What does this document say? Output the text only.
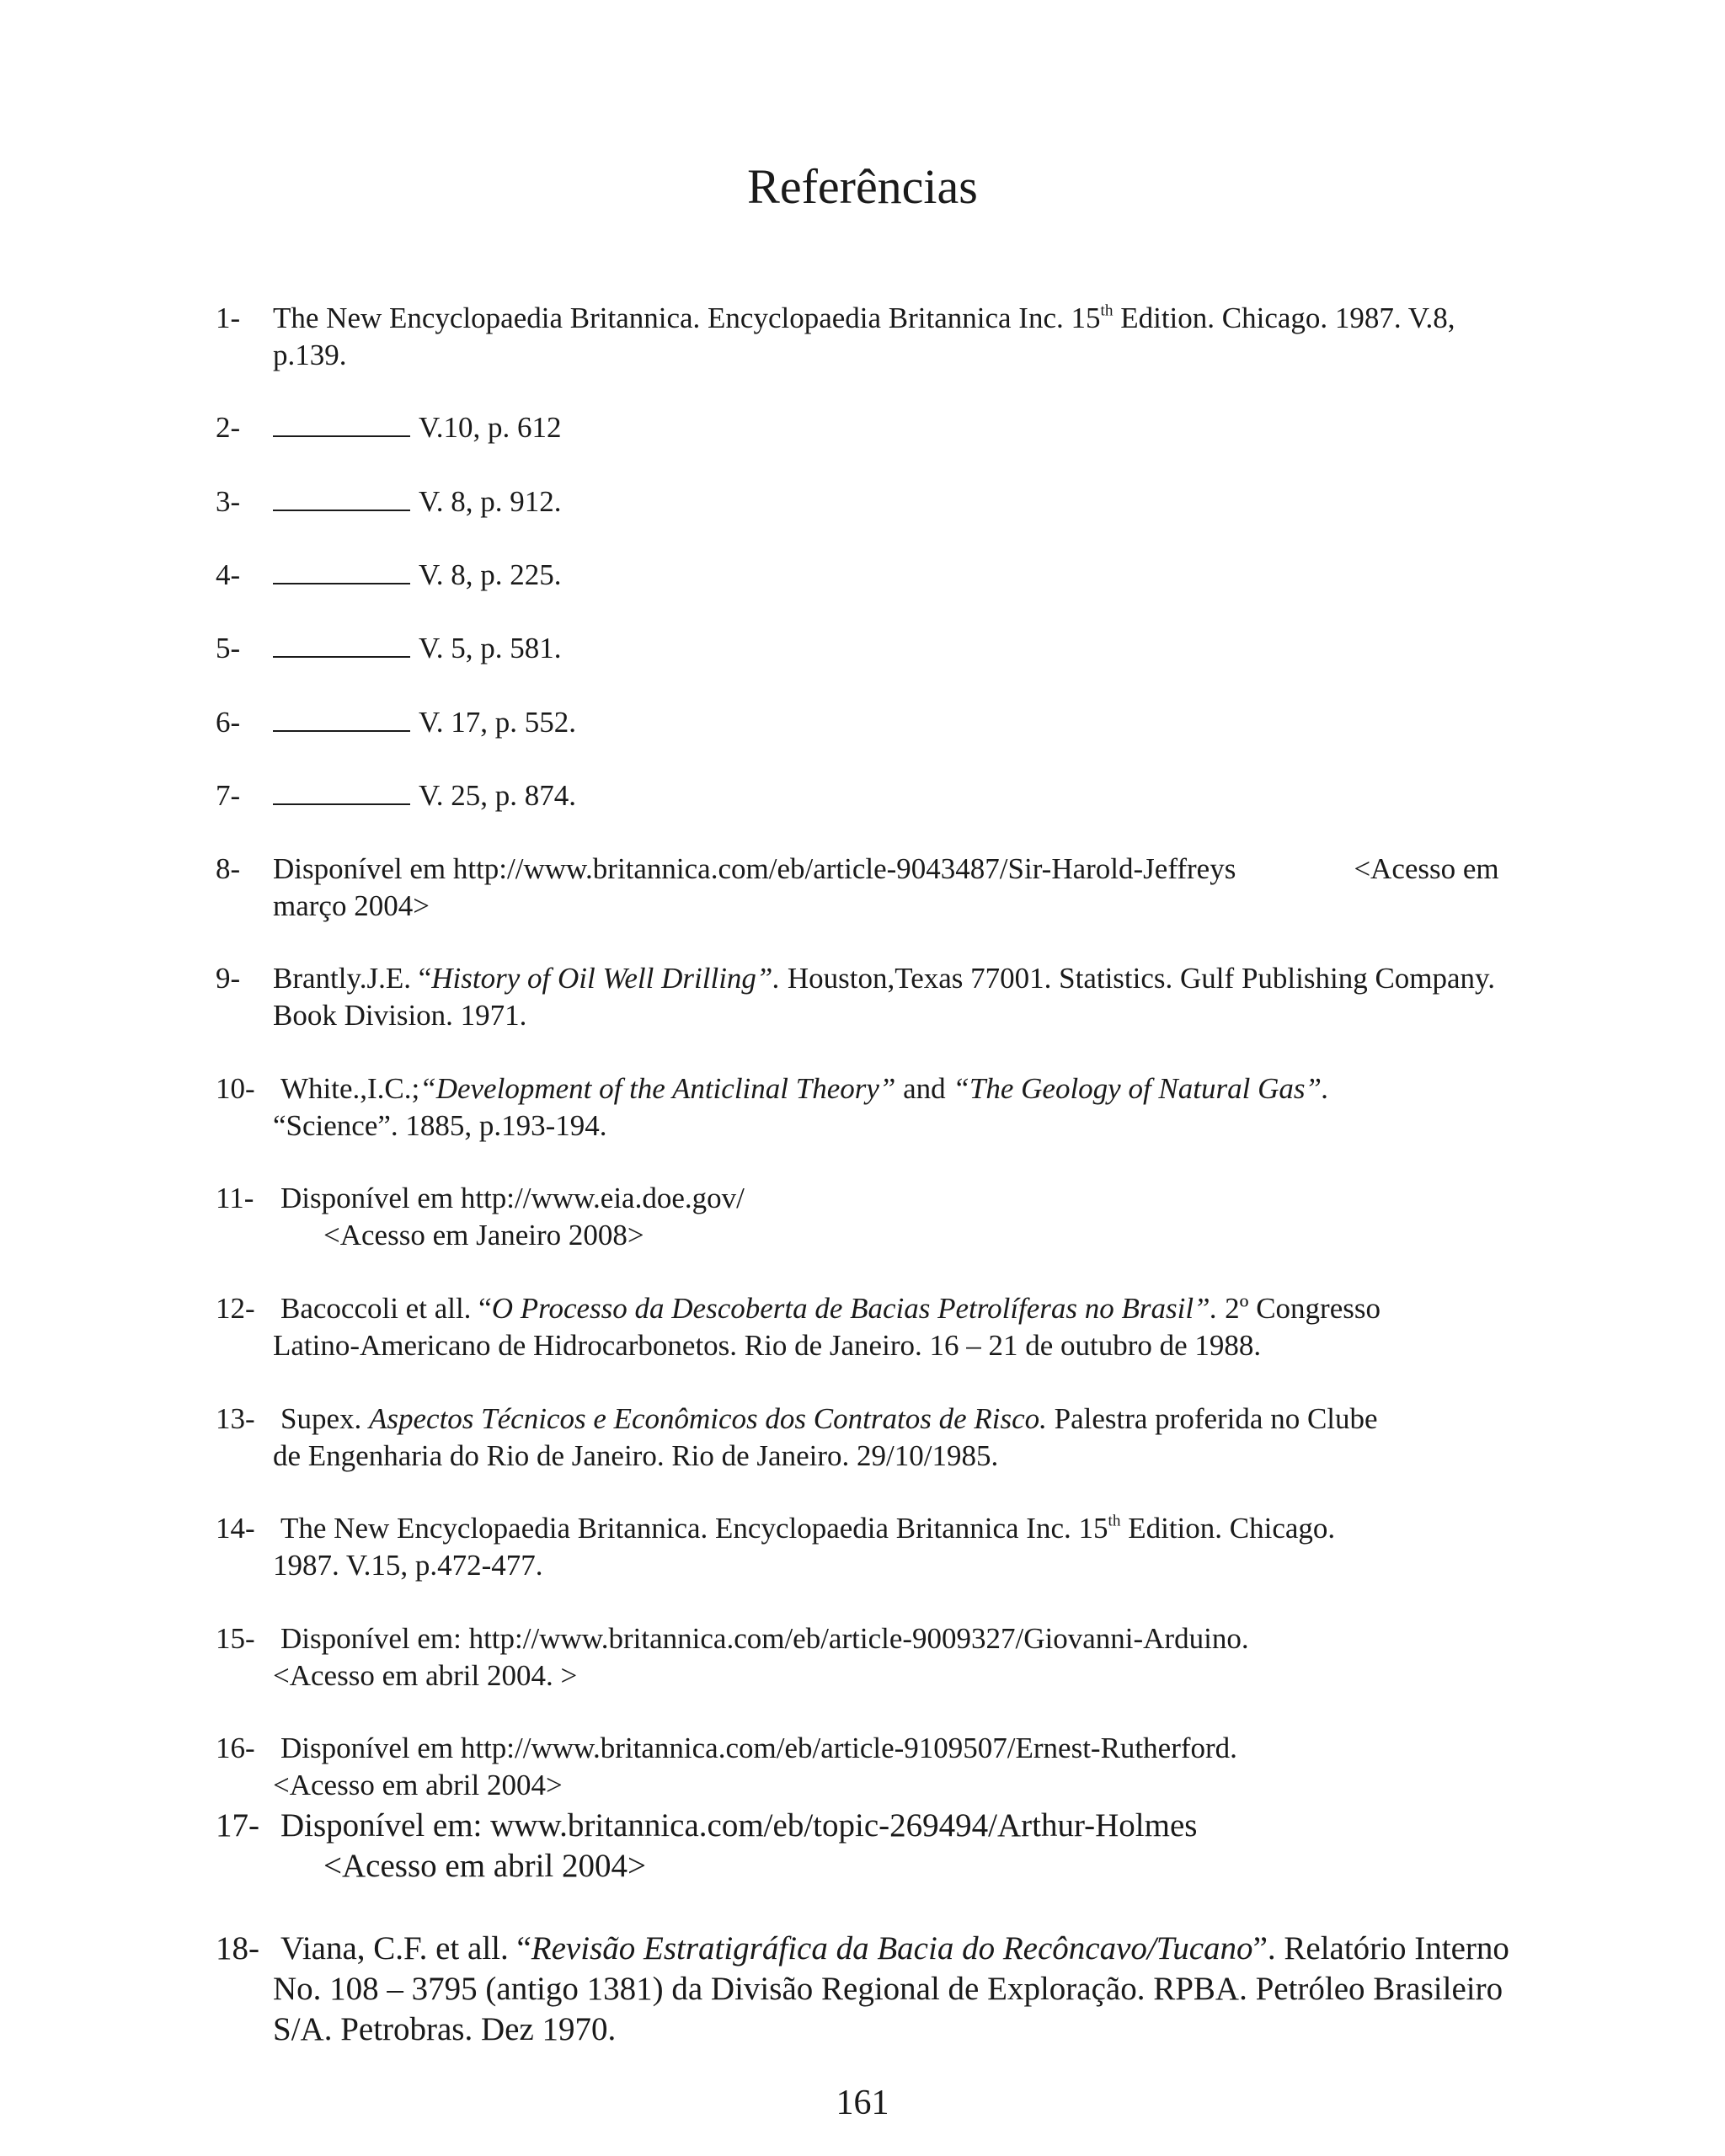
Referências
1-	The New Encyclopaedia Britannica. Encyclopaedia Britannica Inc. 15th Edition. Chicago. 1987. V.8,
p.139.
2-	V.10, p. 612
3-	V. 8, p. 912.
4-	V. 8, p. 225.
5-	V. 5, p. 581.
6-	V. 17, p. 552.
7-	V. 25, p. 874.
8-	Disponível em http://www.britannica.com/eb/article-9043487/Sir-Harold-Jeffreys	<Acesso em
março 2004>
9-	Brantly.J.E. “History of Oil Well Drilling”. Houston,Texas 77001. Statistics. Gulf Publishing Company.
Book Division. 1971.
10- White.,I.C.;“Development of the Anticlinal Theory” and “The Geology of Natural Gas”.
“Science”. 1885, p.193-194.
11- Disponível em http://www.eia.doe.gov/
<Acesso em Janeiro 2008>
12- Bacoccoli et all. “O Processo da Descoberta de Bacias Petrolíferas no Brasil”. 2º Congresso
Latino-Americano de Hidrocarbonetos. Rio de Janeiro. 16 – 21 de outubro de 1988.
13- Supex. Aspectos Técnicos e Econômicos dos Contratos de Risco. Palestra proferida no Clube
de Engenharia do Rio de Janeiro. Rio de Janeiro. 29/10/1985.
14- The New Encyclopaedia Britannica. Encyclopaedia Britannica Inc. 15th Edition. Chicago.
1987. V.15, p.472-477.
15- Disponível em: http://www.britannica.com/eb/article-9009327/Giovanni-Arduino.
<Acesso em abril 2004. >
16- Disponível em http://www.britannica.com/eb/article-9109507/Ernest-Rutherford.
<Acesso em abril 2004>
17- Disponível em: www.britannica.com/eb/topic-269494/Arthur-Holmes
<Acesso em abril 2004>
18- Viana, C.F. et all. “Revisão Estratigráfica da Bacia do Recôncavo/Tucano”. Relatório Interno
No. 108 – 3795 (antigo 1381) da Divisão Regional de Exploração. RPBA. Petróleo Brasileiro
S/A. Petrobras. Dez 1970.
161
